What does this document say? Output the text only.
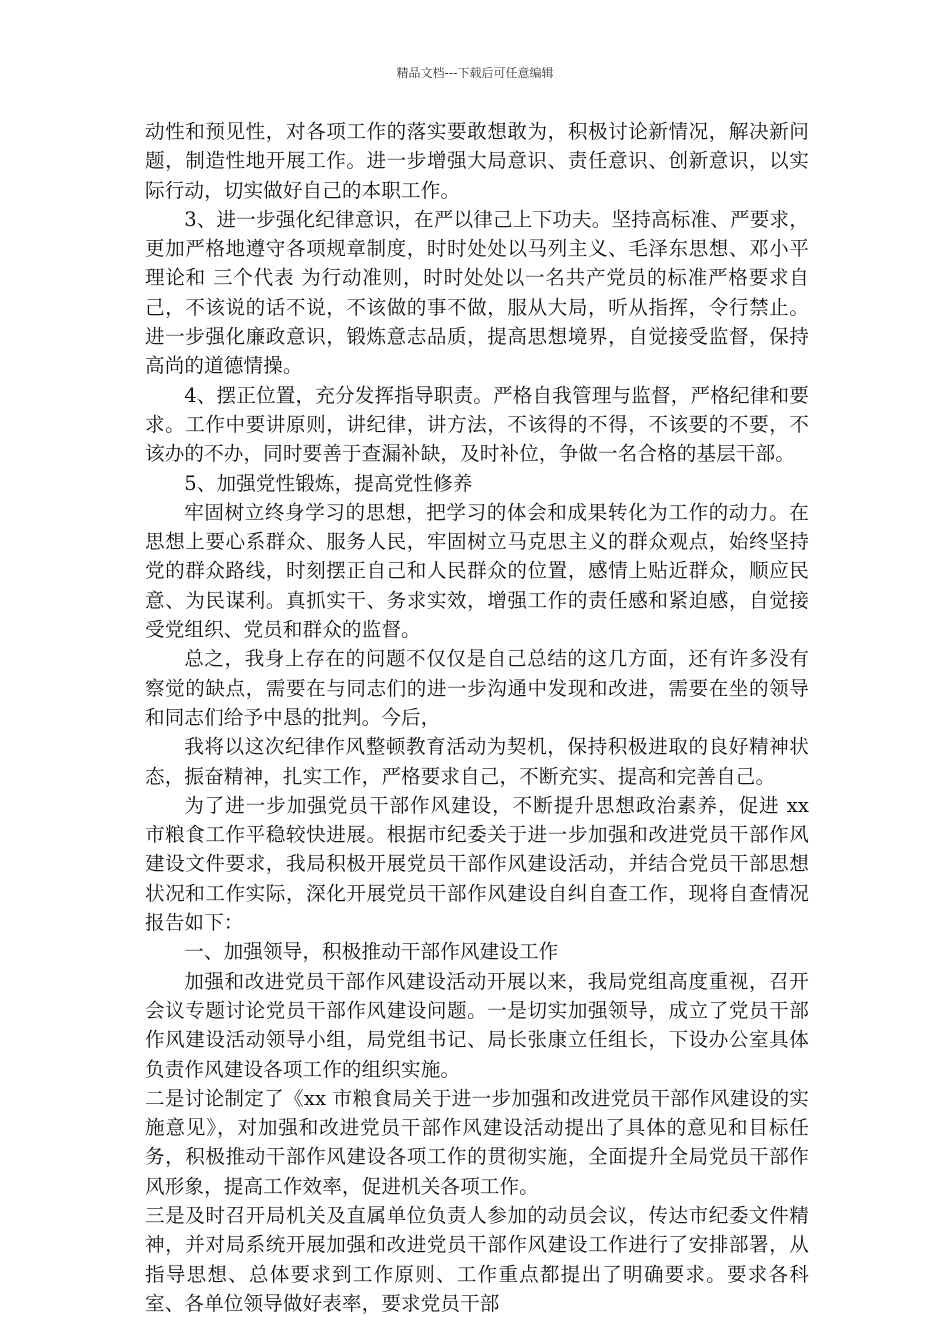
精品文档---下载后可任意编辑

动性和预见性，对各项工作的落实要敢想敢为，积极讨论新情况，解决新问题，制造性地开展工作。进一步增强大局意识、责任意识、创新意识，以实际行动，切实做好自己的本职工作。

3、进一步强化纪律意识，在严以律己上下功夫。坚持高标准、严要求，更加严格地遵守各项规章制度，时时处处以马列主义、毛泽东思想、邓小平理论和 三个代表 为行动准则，时时处处以一名共产党员的标准严格要求自己，不该说的话不说，不该做的事不做，服从大局，听从指挥，令行禁止。进一步强化廉政意识，锻炼意志品质，提高思想境界，自觉接受监督，保持高尚的道德情操。

4、摆正位置，充分发挥指导职责。严格自我管理与监督，严格纪律和要求。工作中要讲原则，讲纪律，讲方法，不该得的不得，不该要的不要，不该办的不办，同时要善于查漏补缺，及时补位，争做一名合格的基层干部。

5、加强党性锻炼，提高党性修养

牢固树立终身学习的思想，把学习的体会和成果转化为工作的动力。在思想上要心系群众、服务人民，牢固树立马克思主义的群众观点，始终坚持党的群众路线，时刻摆正自己和人民群众的位置，感情上贴近群众，顺应民意、为民谋利。真抓实干、务求实效，增强工作的责任感和紧迫感，自觉接受党组织、党员和群众的监督。

总之，我身上存在的问题不仅仅是自己总结的这几方面，还有许多没有察觉的缺点，需要在与同志们的进一步沟通中发现和改进，需要在坐的领导和同志们给予中恳的批判。今后，

我将以这次纪律作风整顿教育活动为契机，保持积极进取的良好精神状态，振奋精神，扎实工作，严格要求自己，不断充实、提高和完善自己。

为了进一步加强党员干部作风建设，不断提升思想政治素养，促进 xx 市粮食工作平稳较快进展。根据市纪委关于进一步加强和改进党员干部作风建设文件要求，我局积极开展党员干部作风建设活动，并结合党员干部思想状况和工作实际，深化开展党员干部作风建设自纠自查工作，现将自查情况报告如下：

一、加强领导，积极推动干部作风建设工作

加强和改进党员干部作风建设活动开展以来，我局党组高度重视，召开会议专题讨论党员干部作风建设问题。一是切实加强领导，成立了党员干部作风建设活动领导小组，局党组书记、局长张康立任组长，下设办公室具体负责作风建设各项工作的组织实施。

二是讨论制定了《xx 市粮食局关于进一步加强和改进党员干部作风建设的实施意见》，对加强和改进党员干部作风建设活动提出了具体的意见和目标任务，积极推动干部作风建设各项工作的贯彻实施，全面提升全局党员干部作风形象，提高工作效率，促进机关各项工作。

三是及时召开局机关及直属单位负责人参加的动员会议，传达市纪委文件精神，并对局系统开展加强和改进党员干部作风建设工作进行了安排部署，从指导思想、总体要求到工作原则、工作重点都提出了明确要求。要求各科室、各单位领导做好表率，要求党员干部
